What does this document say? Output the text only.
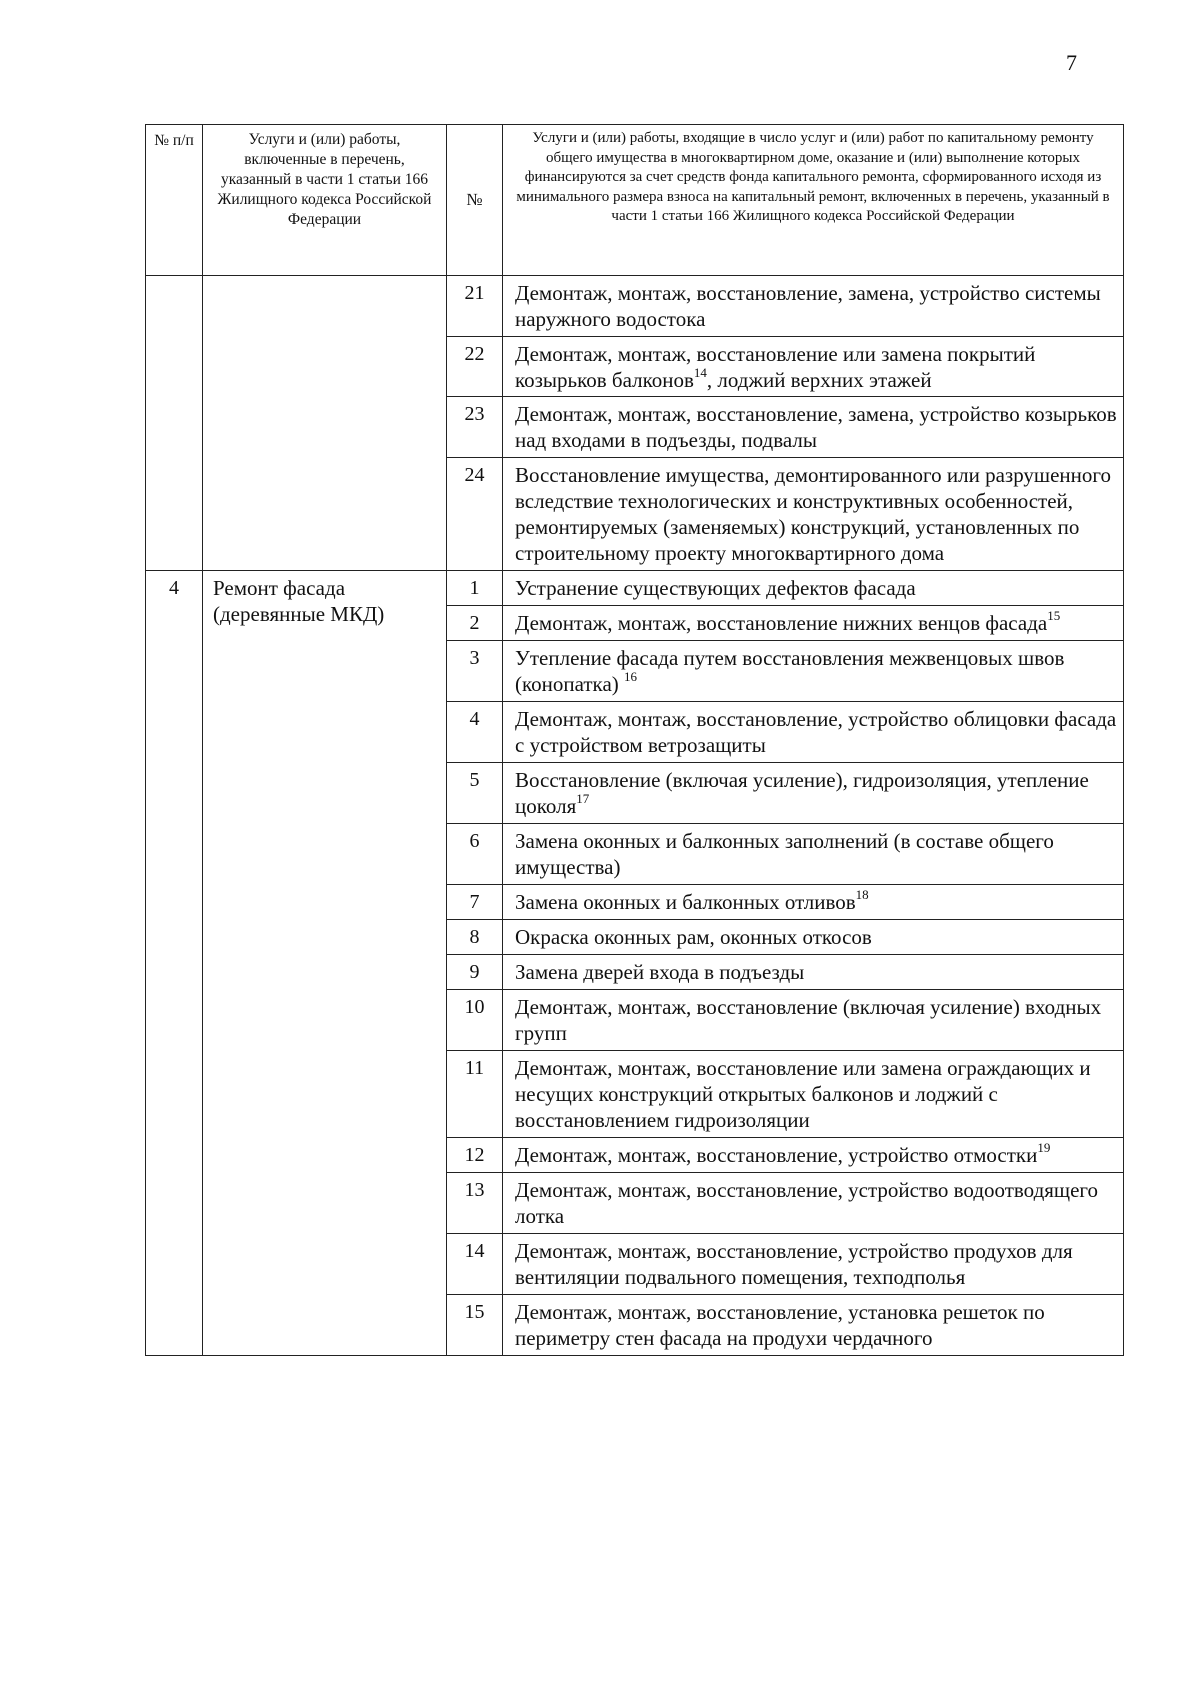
7
№ п/п	Услуги и (или) работы, включенные в перечень, указанный в части 1 статьи 166 Жилищного кодекса Российской Федерации	№	Услуги и (или) работы, входящие в число услуг и (или) работ по капитальному ремонту общего имущества в многоквартирном доме, оказание и (или) выполнение которых финансируются за счет средств фонда капитального ремонта, сформированного исходя из минимального размера взноса на капитальный ремонт, включенных в перечень, указанный в части 1 статьи 166 Жилищного кодекса Российской Федерации
		21	Демонтаж, монтаж, восстановление, замена, устройство системы наружного водостока
		22	Демонтаж, монтаж, восстановление или замена покрытий козырьков балконов$^{14}$, лоджий верхних этажей
		23	Демонтаж, монтаж, восстановление, замена, устройство козырьков над входами в подъезды, подвалы
		24	Восстановление имущества, демонтированного или разрушенного вследствие технологических и конструктивных особенностей, ремонтируемых (заменяемых) конструкций, установленных по строительному проекту многоквартирного дома
4	Ремонт фасада (деревянные МКД)	1	Устранение существующих дефектов фасада
		2	Демонтаж, монтаж, восстановление нижних венцов фасада$^{15}$
		3	Утепление фасада путем восстановления межвенцовых швов (конопатка) $^{16}$
		4	Демонтаж, монтаж, восстановление, устройство облицовки фасада с устройством ветрозащиты
		5	Восстановление (включая усиление), гидроизоляция, утепление цоколя$^{17}$
		6	Замена оконных и балконных заполнений (в составе общего имущества)
		7	Замена оконных и балконных отливов$^{18}$
		8	Окраска оконных рам, оконных откосов
		9	Замена дверей входа в подъезды
		10	Демонтаж, монтаж, восстановление (включая усиление) входных групп
		11	Демонтаж, монтаж, восстановление или замена ограждающих и несущих конструкций открытых балконов и лоджий с восстановлением гидроизоляции
		12	Демонтаж, монтаж, восстановление, устройство отмостки$^{19}$
		13	Демонтаж, монтаж, восстановление, устройство водоотводящего лотка
		14	Демонтаж, монтаж, восстановление, устройство продухов для вентиляции подвального помещения, техподполья
		15	Демонтаж, монтаж, восстановление, установка решеток по периметру стен фасада на продухи чердачного
